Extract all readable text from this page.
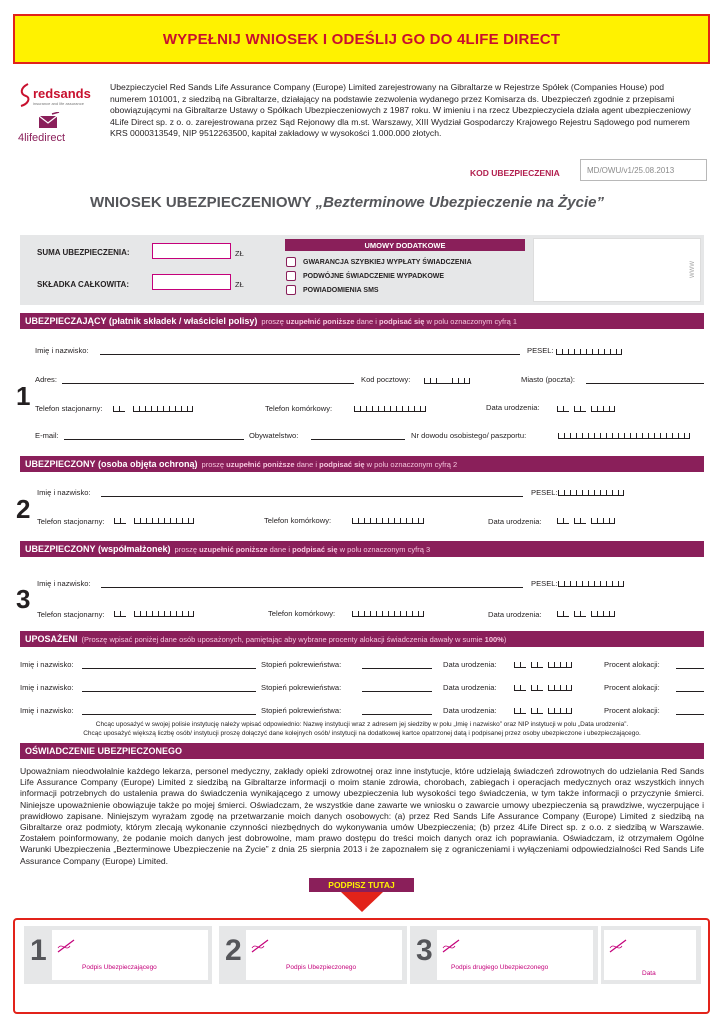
WYPEŁNIJ WNIOSEK I ODEŚLIJ GO DO 4LIFE DIRECT
redsands
insurance and life assurance
4lifedirect
Ubezpieczyciel Red Sands Life Assurance Company (Europe) Limited zarejestrowany na Gibraltarze w Rejestrze Spółek (Companies House) pod numerem 101001, z siedzibą na Gibraltarze, działający na podstawie zezwolenia wydanego przez Komisarza ds. Ubezpieczeń zgodnie z przepisami obowiązującymi na Gibraltarze Ustawy o Spółkach Ubezpieczeniowych z 1987 roku. W imieniu i na rzecz Ubezpieczyciela działa agent ubezpieczeniowy 4Life Direct sp. z o. o. zarejestrowana przez Sąd Rejonowy dla m.st. Warszawy, XIII Wydział Gospodarczy Krajowego Rejestru Sądowego pod numerem KRS 0000313549, NIP 9512263500, kapitał zakładowy w wysokości 1.000.000 złotych.
KOD UBEZPIECZENIA	MD/OWU/v1/25.08.2013
WNIOSEK UBEZPIECZENIOWY „Bezterminowe Ubezpieczenie na Życie”
SUMA UBEZPIECZENIA:	ZŁ
SKŁADKA CAŁKOWITA:	ZŁ
UMOWY DODATKOWE
GWARANCJA SZYBKIEJ WYPŁATY ŚWIADCZENIA
PODWÓJNE ŚWIADCZENIE WYPADKOWE
POWIADOMIENIA SMS
WWW
UBEZPIECZAJĄCY (płatnik składek / właściciel polisy) proszę uzupełnić poniższe dane i podpisać się w polu oznaczonym cyfrą 1
1
Imię i nazwisko:	PESEL:
Adres:	Kod pocztowy:	Miasto (poczta):
Telefon stacjonarny:	Telefon komórkowy:	Data urodzenia:
E-mail:	Obywatelstwo:	Nr dowodu osobistego/ paszportu:
UBEZPIECZONY
(osoba objęta ochroną) proszę uzupełnić poniższe dane i podpisać się w polu oznaczonym cyfrą 2
2
Imię i nazwisko:	PESEL:
Telefon stacjonarny:	Telefon komórkowy:	Data urodzenia:
UBEZPIECZONY
(współmałżonek) proszę uzupełnić poniższe dane i podpisać się w polu oznaczonym cyfrą 3
3
Imię i nazwisko:	PESEL:
Telefon stacjonarny:	Telefon komórkowy:	Data urodzenia:
UPOSAŻENI (Proszę wpisać poniżej dane osób uposażonych, pamiętając aby wybrane procenty alokacji świadczenia dawały w sumie 100%)
Imię i nazwisko:	Stopień pokrewieństwa:	Data urodzenia:	Procent alokacji:
Imię i nazwisko:	Stopień pokrewieństwa:	Data urodzenia:	Procent alokacji:
Imię i nazwisko:	Stopień pokrewieństwa:	Data urodzenia:	Procent alokacji:
Chcąc uposażyć w swojej polisie instytucję należy wpisać odpowiednio: Nazwę instytucji wraz z adresem jej siedziby w polu „Imię i nazwisko” oraz NIP instytucji w polu „Data urodzenia”.
Chcąc uposażyć większą liczbę osób/ instytucji proszę dołączyć dane kolejnych osób/ instytucji na dodatkowej kartce opatrzonej datą i podpisanej przez osoby ubezpieczone i ubezpieczającego.
OŚWIADCZENIE UBEZPIECZONEGO
Upoważniam nieodwołalnie każdego lekarza, personel medyczny, zakłady opieki zdrowotnej oraz inne instytucje, które udzielają świadczeń zdrowotnych do udzielania Red Sands Life Assurance Company (Europe) Limited z siedzibą na Gibraltarze informacji o moim stanie zdrowia, chorobach, zabiegach i operacjach medycznych oraz wszystkich innych informacji potrzebnych do ustalenia prawa do świadczenia wynikającego z umowy ubezpieczenia lub wysokości tego świadczenia, w tym także informacji o przyczynie śmierci. Niniejsze upoważnienie obowiązuje także po mojej śmierci. Oświadczam, że wszystkie dane zawarte we wniosku o zawarcie umowy ubezpieczenia są prawdziwe, wyczerpujące i prawidłowo zapisane. Niniejszym wyrażam zgodę na przetwarzanie moich danych osobowych: (a) przez Red Sands Life Assurance Company (Europe) Limited z siedzibą na Gibraltarze oraz podmioty, którym zlecają wykonanie czynności niezbędnych do wykonywania umów Ubezpieczenia; (b) przez 4Life Direct sp. z o.o. z siedzibą w Warszawie. Zostałem poinformowany, że podanie moich danych jest dobrowolne, mam prawo dostępu do treści moich danych oraz ich poprawiania. Oświadczam, iż otrzymałem Ogólne Warunki Ubezpieczenia „Bezterminowe Ubezpieczenie na Życie” z dnia 25 sierpnia 2013 i że zapoznałem się z ograniczeniami i wyłączeniami odpowiedzialności Red Sands Life Assurance Company (Europe) Limited.
PODPISZ TUTAJ
1
Podpis Ubezpieczającego
2
Podpis Ubezpieczonego
3
Podpis drugiego Ubezpieczonego
Data
